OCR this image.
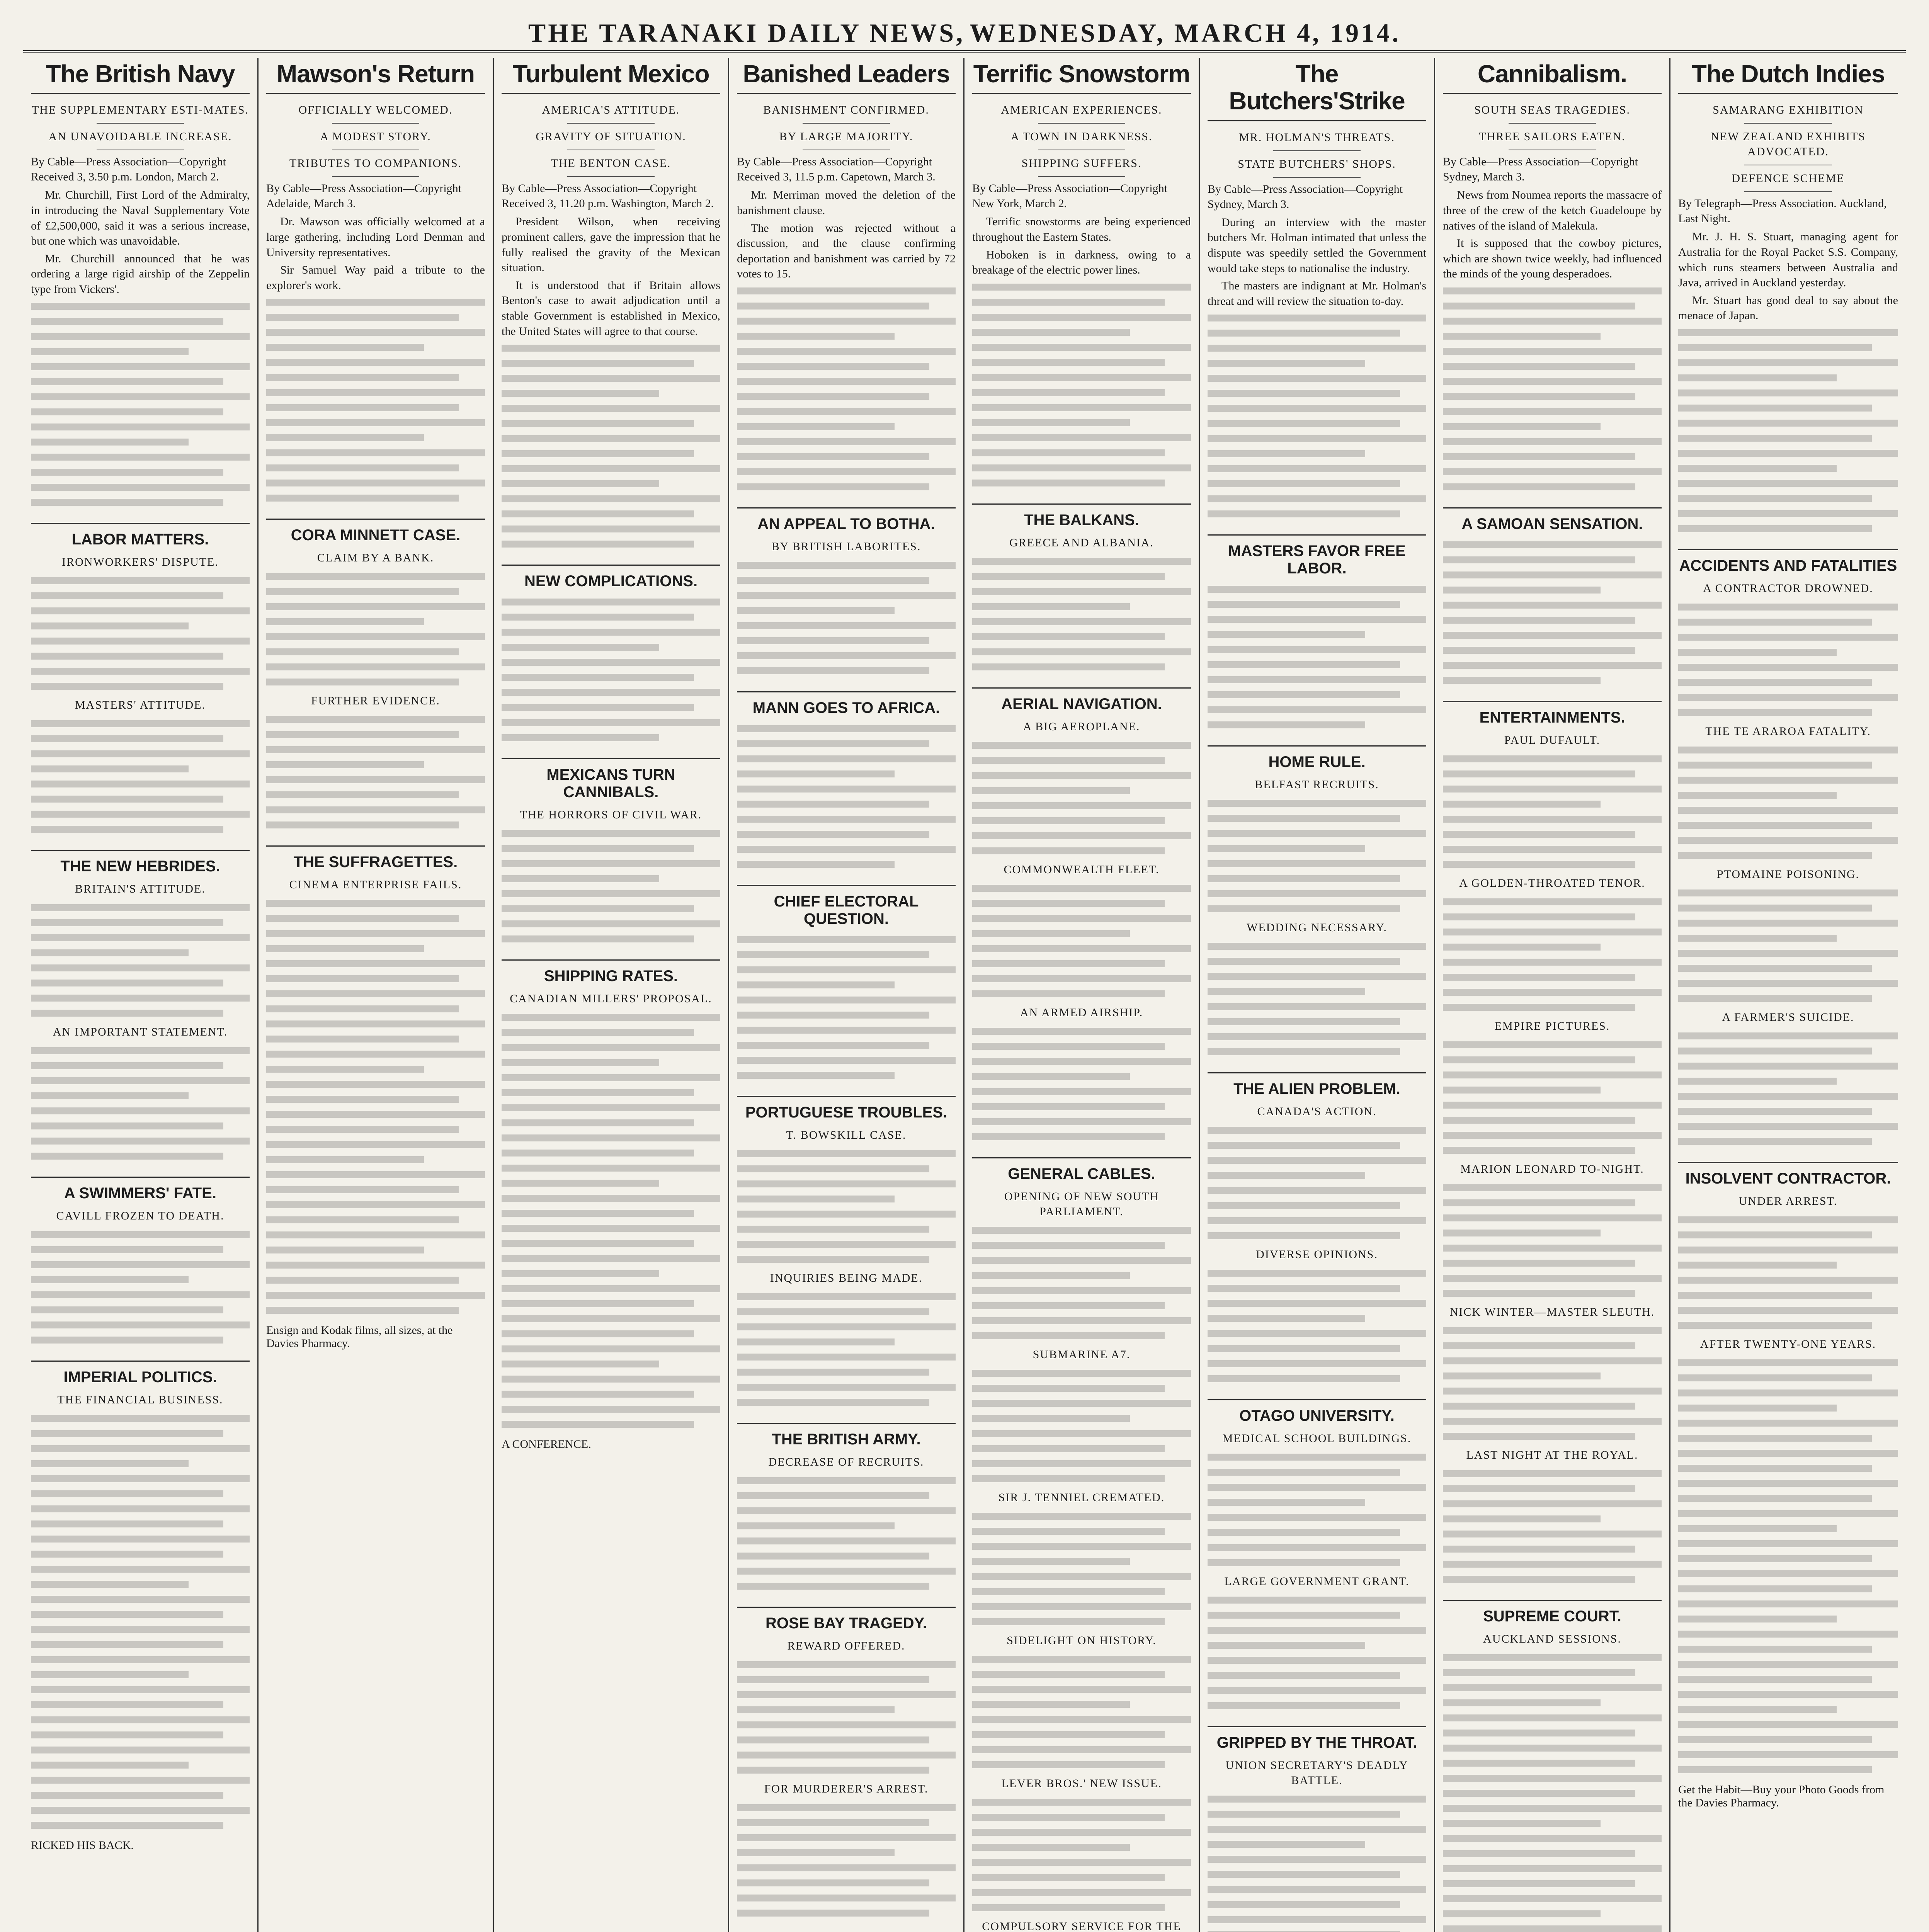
THE TARANAKI DAILY NEWS,
WEDNESDAY, MARCH 4, 1914.
The British Navy
THE SUPPLEMENTARY ESTI-MATES.
AN UNAVOIDABLE INCREASE.
By Cable—Press Association—Copyright Received 3, 3.50 p.m. London, March 2.

Mr. Churchill, First Lord of the Admiralty, in introducing the Naval Supplementary Vote of £2,500,000, said it was a serious increase, but one which was unavoidable.

Mr. Churchill announced that he was ordering a large rigid airship of the Zeppelin type from Vickers'.

LABOR MATTERS.
IRONWORKERS' DISPUTE.
MASTERS' ATTITUDE.
THE NEW HEBRIDES.
BRITAIN'S ATTITUDE.
AN IMPORTANT STATEMENT.
A SWIMMERS' FATE.
CAVILL FROZEN TO DEATH.
IMPERIAL POLITICS.
THE FINANCIAL BUSINESS.
RICKED HIS BACK.
Mawson's Return
OFFICIALLY WELCOMED.
A MODEST STORY.
TRIBUTES TO COMPANIONS.
By Cable—Press Association—Copyright Adelaide, March 3.

Dr. Mawson was officially welcomed at a large gathering, including Lord Denman and University representatives.

Sir Samuel Way paid a tribute to the explorer's work.

CORA MINNETT CASE.
CLAIM BY A BANK.
FURTHER EVIDENCE.
THE SUFFRAGETTES.
CINEMA ENTERPRISE FAILS.
Ensign and Kodak films, all sizes, at the Davies Pharmacy.
Turbulent Mexico
AMERICA'S ATTITUDE.
GRAVITY OF SITUATION.
THE BENTON CASE.
By Cable—Press Association—Copyright Received 3, 11.20 p.m. Washington, March 2.

President Wilson, when receiving prominent callers, gave the impression that he fully realised the gravity of the Mexican situation.

It is understood that if Britain allows Benton's case to await adjudication until a stable Government is established in Mexico, the United States will agree to that course.

NEW COMPLICATIONS.
MEXICANS TURN CANNIBALS.
THE HORRORS OF CIVIL WAR.
SHIPPING RATES.
CANADIAN MILLERS' PROPOSAL.
A CONFERENCE.
Banished Leaders
BANISHMENT CONFIRMED.
BY LARGE MAJORITY.
By Cable—Press Association—Copyright Received 3, 11.5 p.m. Capetown, March 3.

Mr. Merriman moved the deletion of the banishment clause.

The motion was rejected without a discussion, and the clause confirming deportation and banishment was carried by 72 votes to 15.

AN APPEAL TO BOTHA.
BY BRITISH LABORITES.
MANN GOES TO AFRICA.
CHIEF ELECTORAL QUESTION.
PORTUGUESE TROUBLES.
T. BOWSKILL CASE.
INQUIRIES BEING MADE.
THE BRITISH ARMY.
DECREASE OF RECRUITS.
ROSE BAY TRAGEDY.
REWARD OFFERED.
FOR MURDERER'S ARREST.
Terrific Snowstorm
AMERICAN EXPERIENCES.
A TOWN IN DARKNESS.
SHIPPING SUFFERS.
By Cable—Press Association—Copyright New York, March 2.

Terrific snowstorms are being experienced throughout the Eastern States.

Hoboken is in darkness, owing to a breakage of the electric power lines.

THE BALKANS.
GREECE AND ALBANIA.
AERIAL NAVIGATION.
A BIG AEROPLANE.
COMMONWEALTH FLEET.
AN ARMED AIRSHIP.
GENERAL CABLES.
OPENING OF NEW SOUTH PARLIAMENT.
SUBMARINE A7.
SIR J. TENNIEL CREMATED.
SIDELIGHT ON HISTORY.
LEVER BROS.' NEW ISSUE.
COMPULSORY SERVICE FOR THE
The Butchers'Strike
MR. HOLMAN'S THREATS.
STATE BUTCHERS' SHOPS.
By Cable—Press Association—Copyright Sydney, March 3.

During an interview with the master butchers Mr. Holman intimated that unless the dispute was speedily settled the Government would take steps to nationalise the industry.

The masters are indignant at Mr. Holman's threat and will review the situation to-day.

MASTERS FAVOR FREE LABOR.
HOME RULE.
BELFAST RECRUITS.
WEDDING NECESSARY.
THE ALIEN PROBLEM.
CANADA'S ACTION.
DIVERSE OPINIONS.
OTAGO UNIVERSITY.
MEDICAL SCHOOL BUILDINGS.
LARGE GOVERNMENT GRANT.
GRIPPED BY THE THROAT.
UNION SECRETARY'S DEADLY BATTLE.
Cannibalism.
SOUTH SEAS TRAGEDIES.
THREE SAILORS EATEN.
By Cable—Press Association—Copyright Sydney, March 3.

News from Noumea reports the massacre of three of the crew of the ketch Guadeloupe by natives of the island of Malekula.

It is supposed that the cowboy pictures, which are shown twice weekly, had influenced the minds of the young desperadoes.

A SAMOAN SENSATION.
ENTERTAINMENTS.
PAUL DUFAULT.
A GOLDEN-THROATED TENOR.
EMPIRE PICTURES.
MARION LEONARD TO-NIGHT.
NICK WINTER—MASTER SLEUTH.
LAST NIGHT AT THE ROYAL.
SUPREME COURT.
AUCKLAND SESSIONS.
The Dutch Indies
SAMARANG EXHIBITION
NEW ZEALAND EXHIBITS ADVOCATED.
DEFENCE SCHEME
By Telegraph—Press Association. Auckland, Last Night.

Mr. J. H. S. Stuart, managing agent for Australia for the Royal Packet S.S. Company, which runs steamers between Australia and Java, arrived in Auckland yesterday.

Mr. Stuart has good deal to say about the menace of Japan.

ACCIDENTS AND FATALITIES
A CONTRACTOR DROWNED.
THE TE ARAROA FATALITY.
PTOMAINE POISONING.
A FARMER'S SUICIDE.
INSOLVENT CONTRACTOR.
UNDER ARREST.
AFTER TWENTY-ONE YEARS.
Get the Habit—Buy your Photo Goods from the Davies Pharmacy.
